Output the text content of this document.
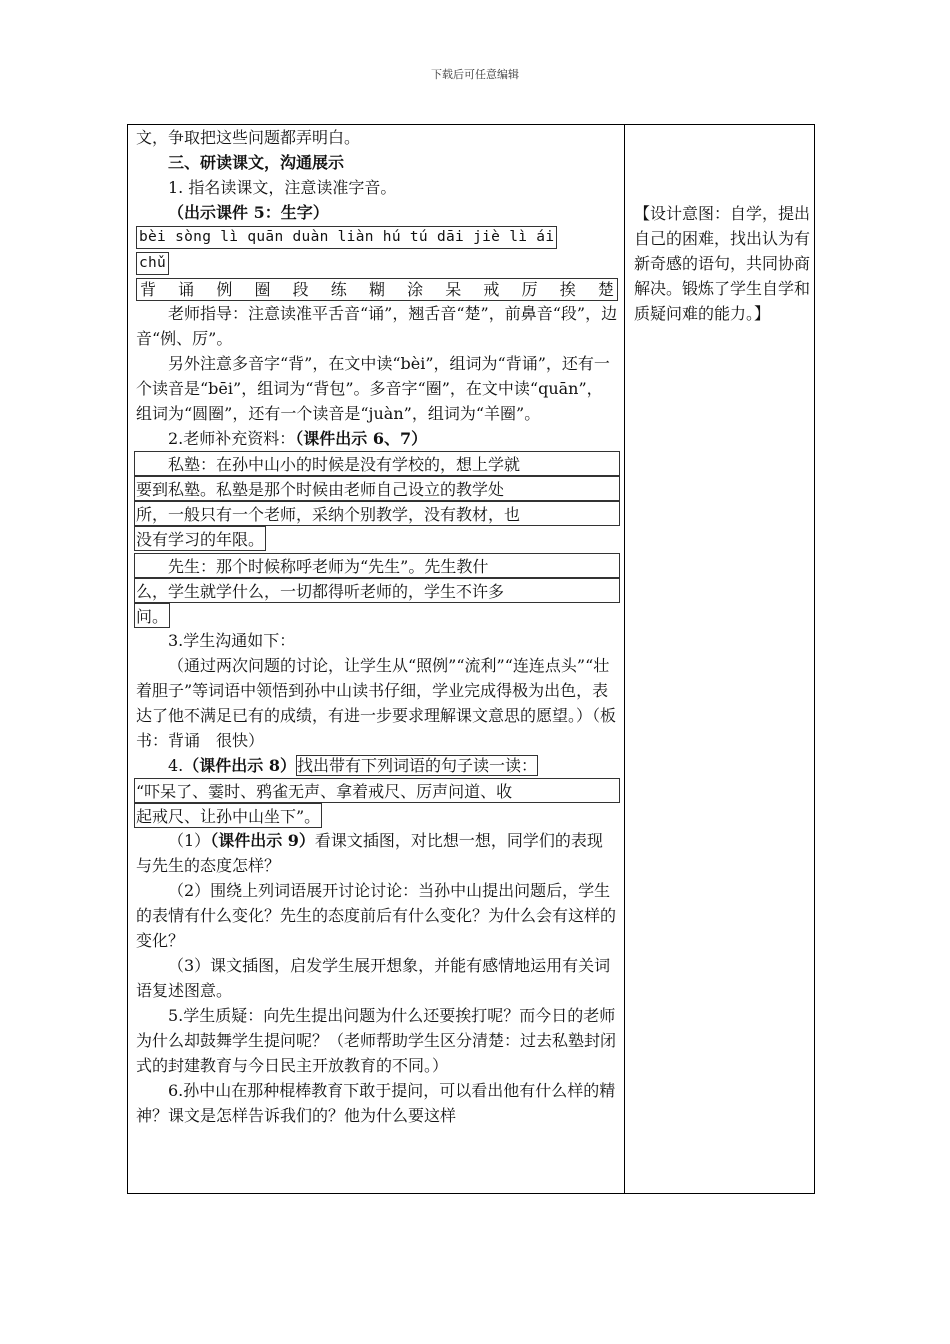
下载后可任意编辑

文，争取把这些问题都弄明白。

三、研读课文，沟通展示

1. 指名读课文，注意读准字音。

（出示课件 5：生字）

bèi sòng lì quān duàn liàn hú tú dāi jiè lì ái
chǔ
背 诵 例 圈 段 练 糊 涂 呆 戒 厉 挨 楚

老师指导：注意读准平舌音“诵”，翘舌音“楚”，前鼻音“段”，边音“例、厉”。

另外注意多音字“背”，在文中读“bèi”，组词为“背诵”，还有一个读音是“bēi”，组词为“背包”。多音字“圈”，在文中读“quān”，组词为“圆圈”，还有一个读音是“juàn”，组词为“羊圈”。

2.老师补充资料：（课件出示 6、7）

私塾：在孙中山小的时候是没有学校的，想上学就
要到私塾。私塾是那个时候由老师自己设立的教学处
所，一般只有一个老师，采纳个别教学，没有教材，也
没有学习的年限。
先生：那个时候称呼老师为“先生”。先生教什
么，学生就学什么，一切都得听老师的，学生不许多
问。

3.学生沟通如下：

（通过两次问题的讨论，让学生从“照例”“流利”“连连点头”“壮着胆子”等词语中领悟到孙中山读书仔细，学业完成得极为出色，表达了他不满足已有的成绩，有进一步要求理解课文意思的愿望。）（板书：背诵　很快）

4.（课件出示 8）找出带有下列词语的句子读一读：

“吓呆了、霎时、鸦雀无声、拿着戒尺、厉声问道、收
起戒尺、让孙中山坐下”。

（1）（课件出示 9）看课文插图，对比想一想，同学们的表现与先生的态度怎样？

（2）围绕上列词语展开讨论讨论：当孙中山提出问题后，学生的表情有什么变化？先生的态度前后有什么变化？为什么会有这样的变化？

（3）课文插图，启发学生展开想象，并能有感情地运用有关词语复述图意。

5.学生质疑：向先生提出问题为什么还要挨打呢？而今日的老师为什么却鼓舞学生提问呢？（老师帮助学生区分清楚：过去私塾封闭式的封建教育与今日民主开放教育的不同。）

6.孙中山在那种棍棒教育下敢于提问，可以看出他有什么样的精神？课文是怎样告诉我们的？他为什么要这样

【设计意图：自学，提出自己的困难，找出认为有新奇感的语句，共同协商解决。锻炼了学生自学和质疑问难的能力。】
